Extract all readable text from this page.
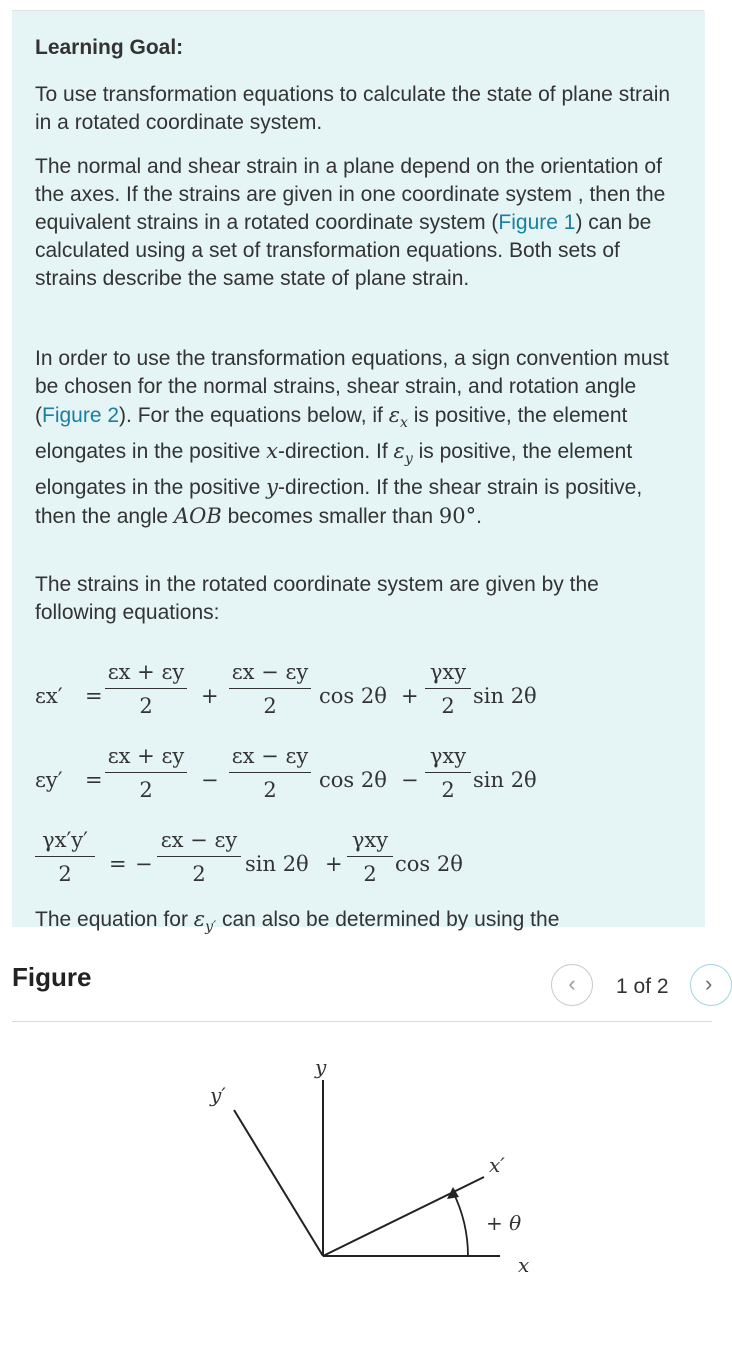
Learning Goal:

To use transformation equations to calculate the state of plane strain in a rotated coordinate system.

The normal and shear strain in a plane depend on the orientation of the axes. If the strains are given in one coordinate system , then the equivalent strains in a rotated coordinate system (Figure 1) can be calculated using a set of transformation equations. Both sets of strains describe the same state of plane strain.

In order to use the transformation equations, a sign convention must be chosen for the normal strains, shear strain, and rotation angle (Figure 2). For the equations below, if $\varepsilon_x$ is positive, the element elongates in the positive x-direction. If $\varepsilon_y$ is positive, the element elongates in the positive y-direction. If the shear strain is positive, then the angle AOB becomes smaller than 90°.

The strains in the rotated coordinate system are given by the following equations:

εx′ =
εx + εy
2	+
εx − εy
2	cos 2θ +
γxy
2 sin 2θ
εy′ =
εx + εy
2	−
εx − εy
2	cos 2θ −
γxy
2 sin 2θ
γx′y′
2	= −
εx − εy
2	sin 2θ +
γxy
2 cos 2θ

The equation for $\varepsilon_{y'}$ can also be determined by using the

Figure	‹	1 of 2	›
y
y′
x′
+ θ
x
